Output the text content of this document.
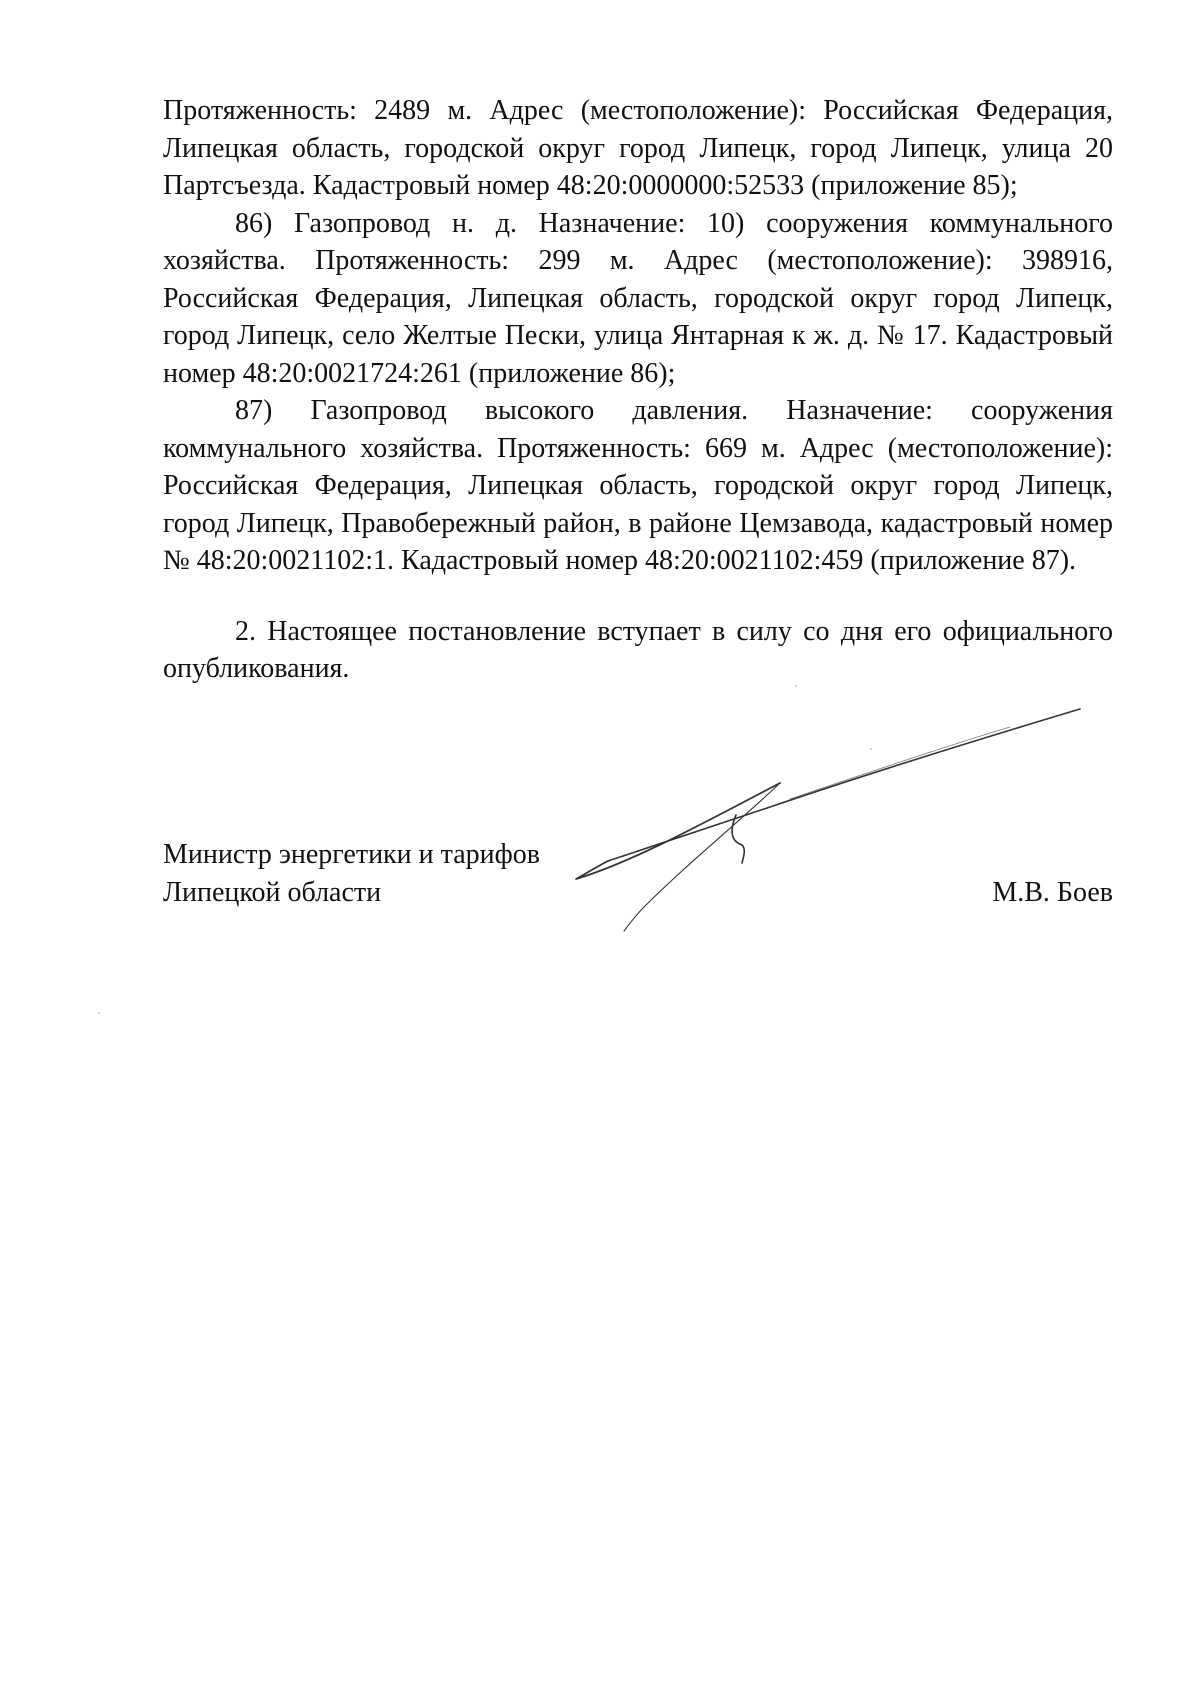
Протяженность: 2489 м. Адрес (местоположение): Российская Федерация, Липецкая область, городской округ город Липецк, город Липецк, улица 20 Партсъезда. Кадастровый номер 48:20:0000000:52533 (приложение 85);

86) Газопровод н. д. Назначение: 10) сооружения коммунального хозяйства. Протяженность: 299 м. Адрес (местоположение): 398916, Российская Федерация, Липецкая область, городской округ город Липецк, город Липецк, село Желтые Пески, улица Янтарная к ж. д. № 17. Кадастровый номер 48:20:0021724:261 (приложение 86);

87) Газопровод высокого давления. Назначение: сооружения коммунального хозяйства. Протяженность: 669 м. Адрес (местоположение): Российская Федерация, Липецкая область, городской округ город Липецк, город Липецк, Правобережный район, в районе Цемзавода, кадастровый номер № 48:20:0021102:1. Кадастровый номер 48:20:0021102:459 (приложение 87).

2. Настоящее постановление вступает в силу со дня его официального опубликования.

Министр энергетики и тарифов
Липецкой области	М.В. Боев
